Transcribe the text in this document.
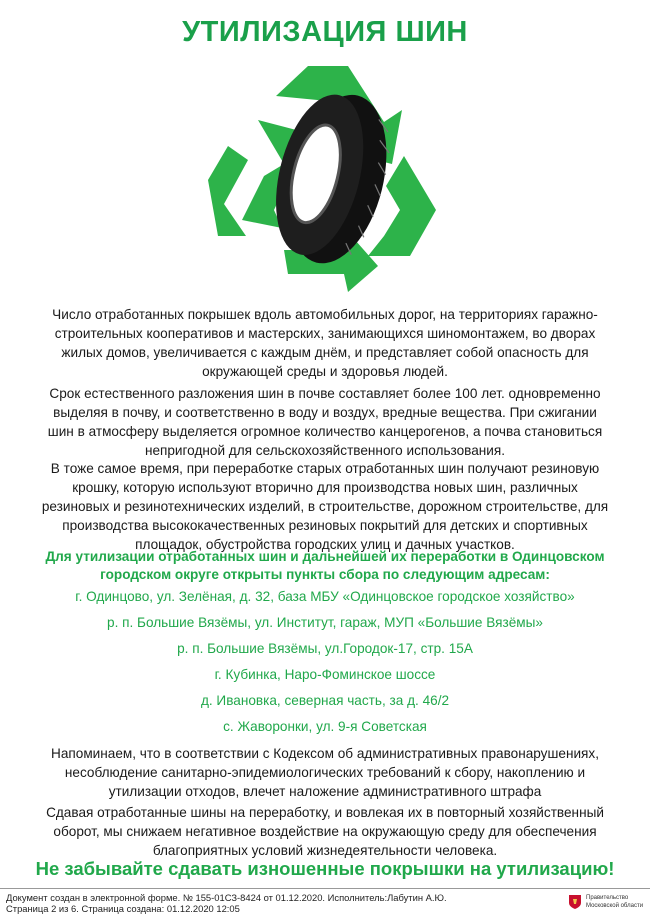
УТИЛИЗАЦИЯ ШИН
Число отработанных покрышек вдоль автомобильных дорог, на территориях гаражно-строительных кооперативов и мастерских, занимающихся шиномонтажем, во дворах жилых домов, увеличивается с каждым днём, и представляет собой опасность для окружающей среды и здоровья людей.
Срок естественного разложения шин в почве составляет более 100 лет. одновременно выделяя в почву, и соответственно в воду и воздух, вредные вещества. При сжигании шин в атмосферу выделяется огромное количество канцерогенов, а почва становиться непригодной для сельскохозяйственного использования.
В тоже самое время, при переработке старых отработанных шин получают резиновую крошку, которую используют вторично для производства новых шин, различных резиновых и резинотехнических изделий, в строительстве, дорожном строительстве, для производства высококачественных резиновых покрытий для детских и спортивных площадок, обустройства городских улиц и дачных участков.
Для утилизации отработанных шин и дальнейшей их переработки в Одинцовском городском округе открыты пункты сбора по следующим адресам:
г. Одинцово, ул. Зелёная, д. 32, база МБУ «Одинцовское городское хозяйство»
р. п. Большие Вязёмы, ул. Институт, гараж, МУП «Большие Вязёмы»
р. п. Большие Вязёмы, ул.Городок-17, стр. 15А
г. Кубинка, Наро-Фоминское шоссе
д. Ивановка, северная часть, за д. 46/2
с. Жаворонки, ул. 9-я Советская
Напоминаем, что в соответствии с Кодексом об административных правонарушениях, несоблюдение санитарно-эпидемиологических требований к сбору, накоплению и утилизации отходов, влечет наложение административного штрафа
Сдавая отработанные шины на переработку, и вовлекая их в повторный хозяйственный оборот, мы снижаем негативное воздействие на окружающую среду для обеспечения благоприятных условий жизнедеятельности человека.
Не забывайте сдавать изношенные покрышки на утилизацию!
Документ создан в электронной форме. № 155-01СЗ-8424 от 01.12.2020. Исполнитель:Лабутин А.Ю.
Страница 2 из 6. Страница создана: 01.12.2020 12:05
Правительство
Московской области
